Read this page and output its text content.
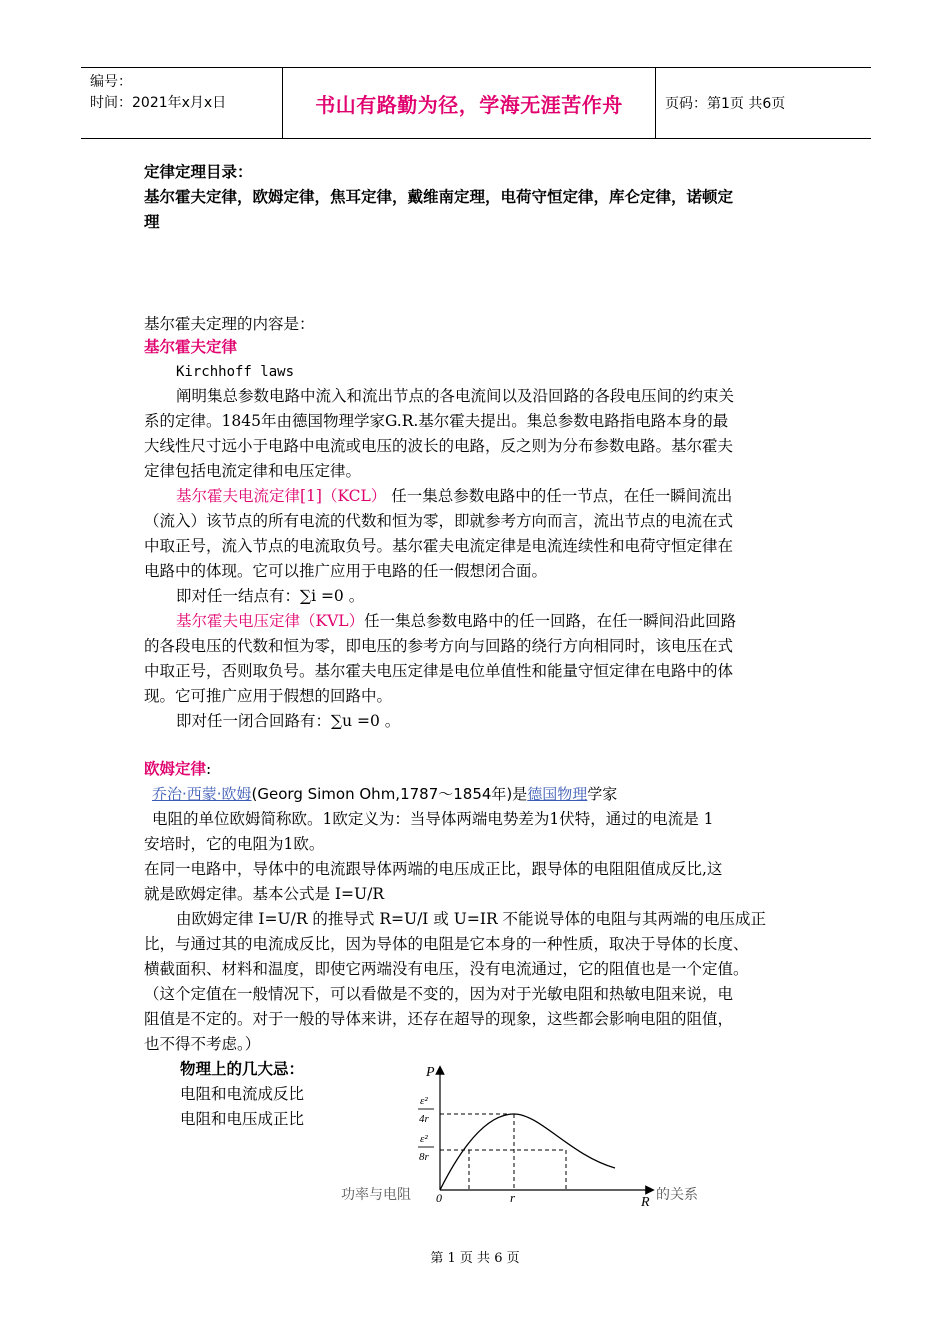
编号：
时间：2021年x月x日	书山有路勤为径，学海无涯苦作舟	页码：第1页 共6页
定律定理目录：
基尔霍夫定律，欧姆定律，焦耳定律，戴维南定理，电荷守恒定律，库仑定律，诺顿定
理
基尔霍夫定理的内容是：
基尔霍夫定律
Kirchhoff laws
阐明集总参数电路中流入和流出节点的各电流间以及沿回路的各段电压间的约束关
系的定律。1845年由德国物理学家G.R.基尔霍夫提出。集总参数电路指电路本身的最
大线性尺寸远小于电路中电流或电压的波长的电路，反之则为分布参数电路。基尔霍夫
定律包括电流定律和电压定律。
基尔霍夫电流定律[1]（KCL） 任一集总参数电路中的任一节点，在任一瞬间流出
（流入）该节点的所有电流的代数和恒为零，即就参考方向而言，流出节点的电流在式
中取正号，流入节点的电流取负号。基尔霍夫电流定律是电流连续性和电荷守恒定律在
电路中的体现。它可以推广应用于电路的任一假想闭合面。
即对任一结点有：∑i =0 。
基尔霍夫电压定律（KVL）任一集总参数电路中的任一回路，在任一瞬间沿此回路
的各段电压的代数和恒为零，即电压的参考方向与回路的绕行方向相同时，该电压在式
中取正号，否则取负号。基尔霍夫电压定律是电位单值性和能量守恒定律在电路中的体
现。它可推广应用于假想的回路中。
即对任一闭合回路有：∑u =0 。
欧姆定律:
乔治·西蒙·欧姆(Georg Simon Ohm,1787～1854年)是德国物理学家
电阻的单位欧姆简称欧。1欧定义为：当导体两端电势差为1伏特，通过的电流是 1
安培时，它的电阻为1欧。
在同一电路中，导体中的电流跟导体两端的电压成正比，跟导体的电阻阻值成反比,这
就是欧姆定律。基本公式是 I=U/R
由欧姆定律 I=U/R 的推导式 R=U/I 或 U=IR 不能说导体的电阻与其两端的电压成正
比，与通过其的电流成反比，因为导体的电阻是它本身的一种性质，取决于导体的长度、
横截面积、材料和温度，即使它两端没有电压，没有电流通过，它的阻值也是一个定值。
（这个定值在一般情况下，可以看做是不变的，因为对于光敏电阻和热敏电阻来说，电
阻值是不定的。对于一般的导体来讲，还存在超导的现象，这些都会影响电阻的阻值，
也不得不考虑。）
物理上的几大忌：
电阻和电流成反比
电阻和电压成正比
P
R
0	r
ε²
4r
ε²
8r
功率与电阻	的关系
第 1 页 共 6 页
